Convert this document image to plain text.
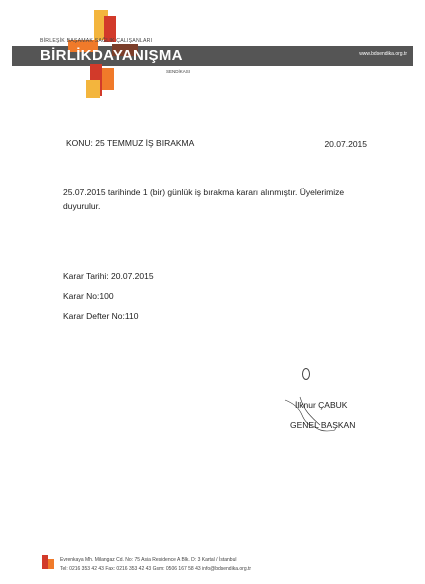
BİRLEŞİK BAŞAMAK SAĞLIK ÇALIŞANLARI
BİRLİK DAYANIŞMA
SENDİKASI
www.bdsendika.org.tr
KONU: 25 TEMMUZ İŞ BIRAKMA	20.07.2015
25.07.2015 tarihinde 1 (bir) günlük iş bırakma kararı alınmıştır. Üyelerimize duyurulur.
Karar Tarihi: 20.07.2015
Karar No:100
Karar Defter No:110
İlknur ÇABUK
GENEL BAŞKAN
Evrenkaya Mh. Milangaz Cd. No: 75 Asia Residence A Blk. D: 3 Kartal / İstanbul
Tel: 0216 353 42 43 Fax: 0216 353 42 43 Gsm: 0506 167 58 43 info@bdsendika.org.tr
